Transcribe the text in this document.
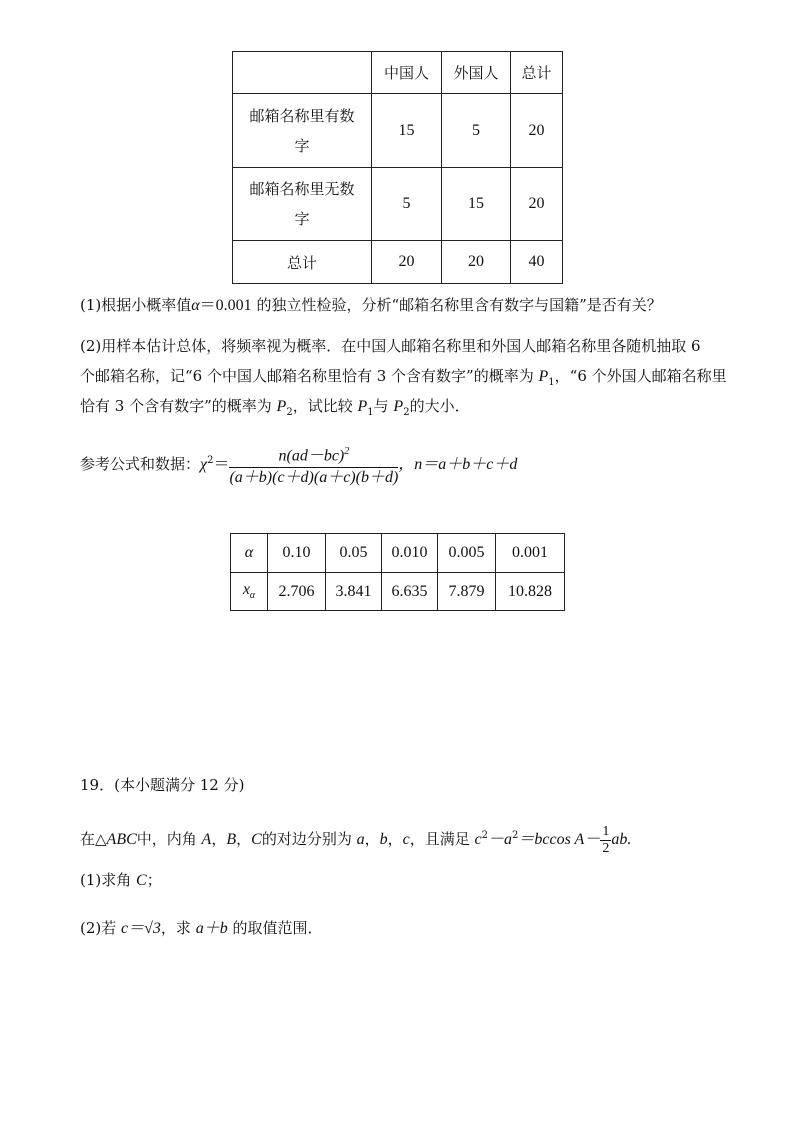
	中国人	外国人	总计
邮箱名称里有数字	15	5	20
邮箱名称里无数字	5	15	20
总计	20	20	40
(1)根据小概率值α＝0.001 的独立性检验，分析“邮箱名称里含有数字与国籍”是否有关？
(2)用样本估计总体，将频率视为概率．在中国人邮箱名称里和外国人邮箱名称里各随机抽取 6
个邮箱名称，记“6 个中国人邮箱名称里恰有 3 个含有数字”的概率为 $P_1$，“6 个外国人邮箱名称里
恰有 3 个含有数字”的概率为 $P_2$，试比较 $P_1$与 $P_2$的大小．
参考公式和数据：$\chi^2= \frac{n(ad-bc)^2}{(a+b)(c+d)(a+c)(b+d)}$ ，n＝a＋b＋c＋d
α	0.10	0.05	0.010	0.005	0.001
$x_\alpha$	2.706	3.841	6.635	7.879	10.828
19．(本小题满分 12 分)
在△ABC中，内角 A，B，C的对边分别为 a，b，c，且满足 $c^2-a^2=bccos$ $A- \frac{1}{2}$ ab.
(1)求角 C；
(2)若 c＝√3，求 a＋b 的取值范围．
